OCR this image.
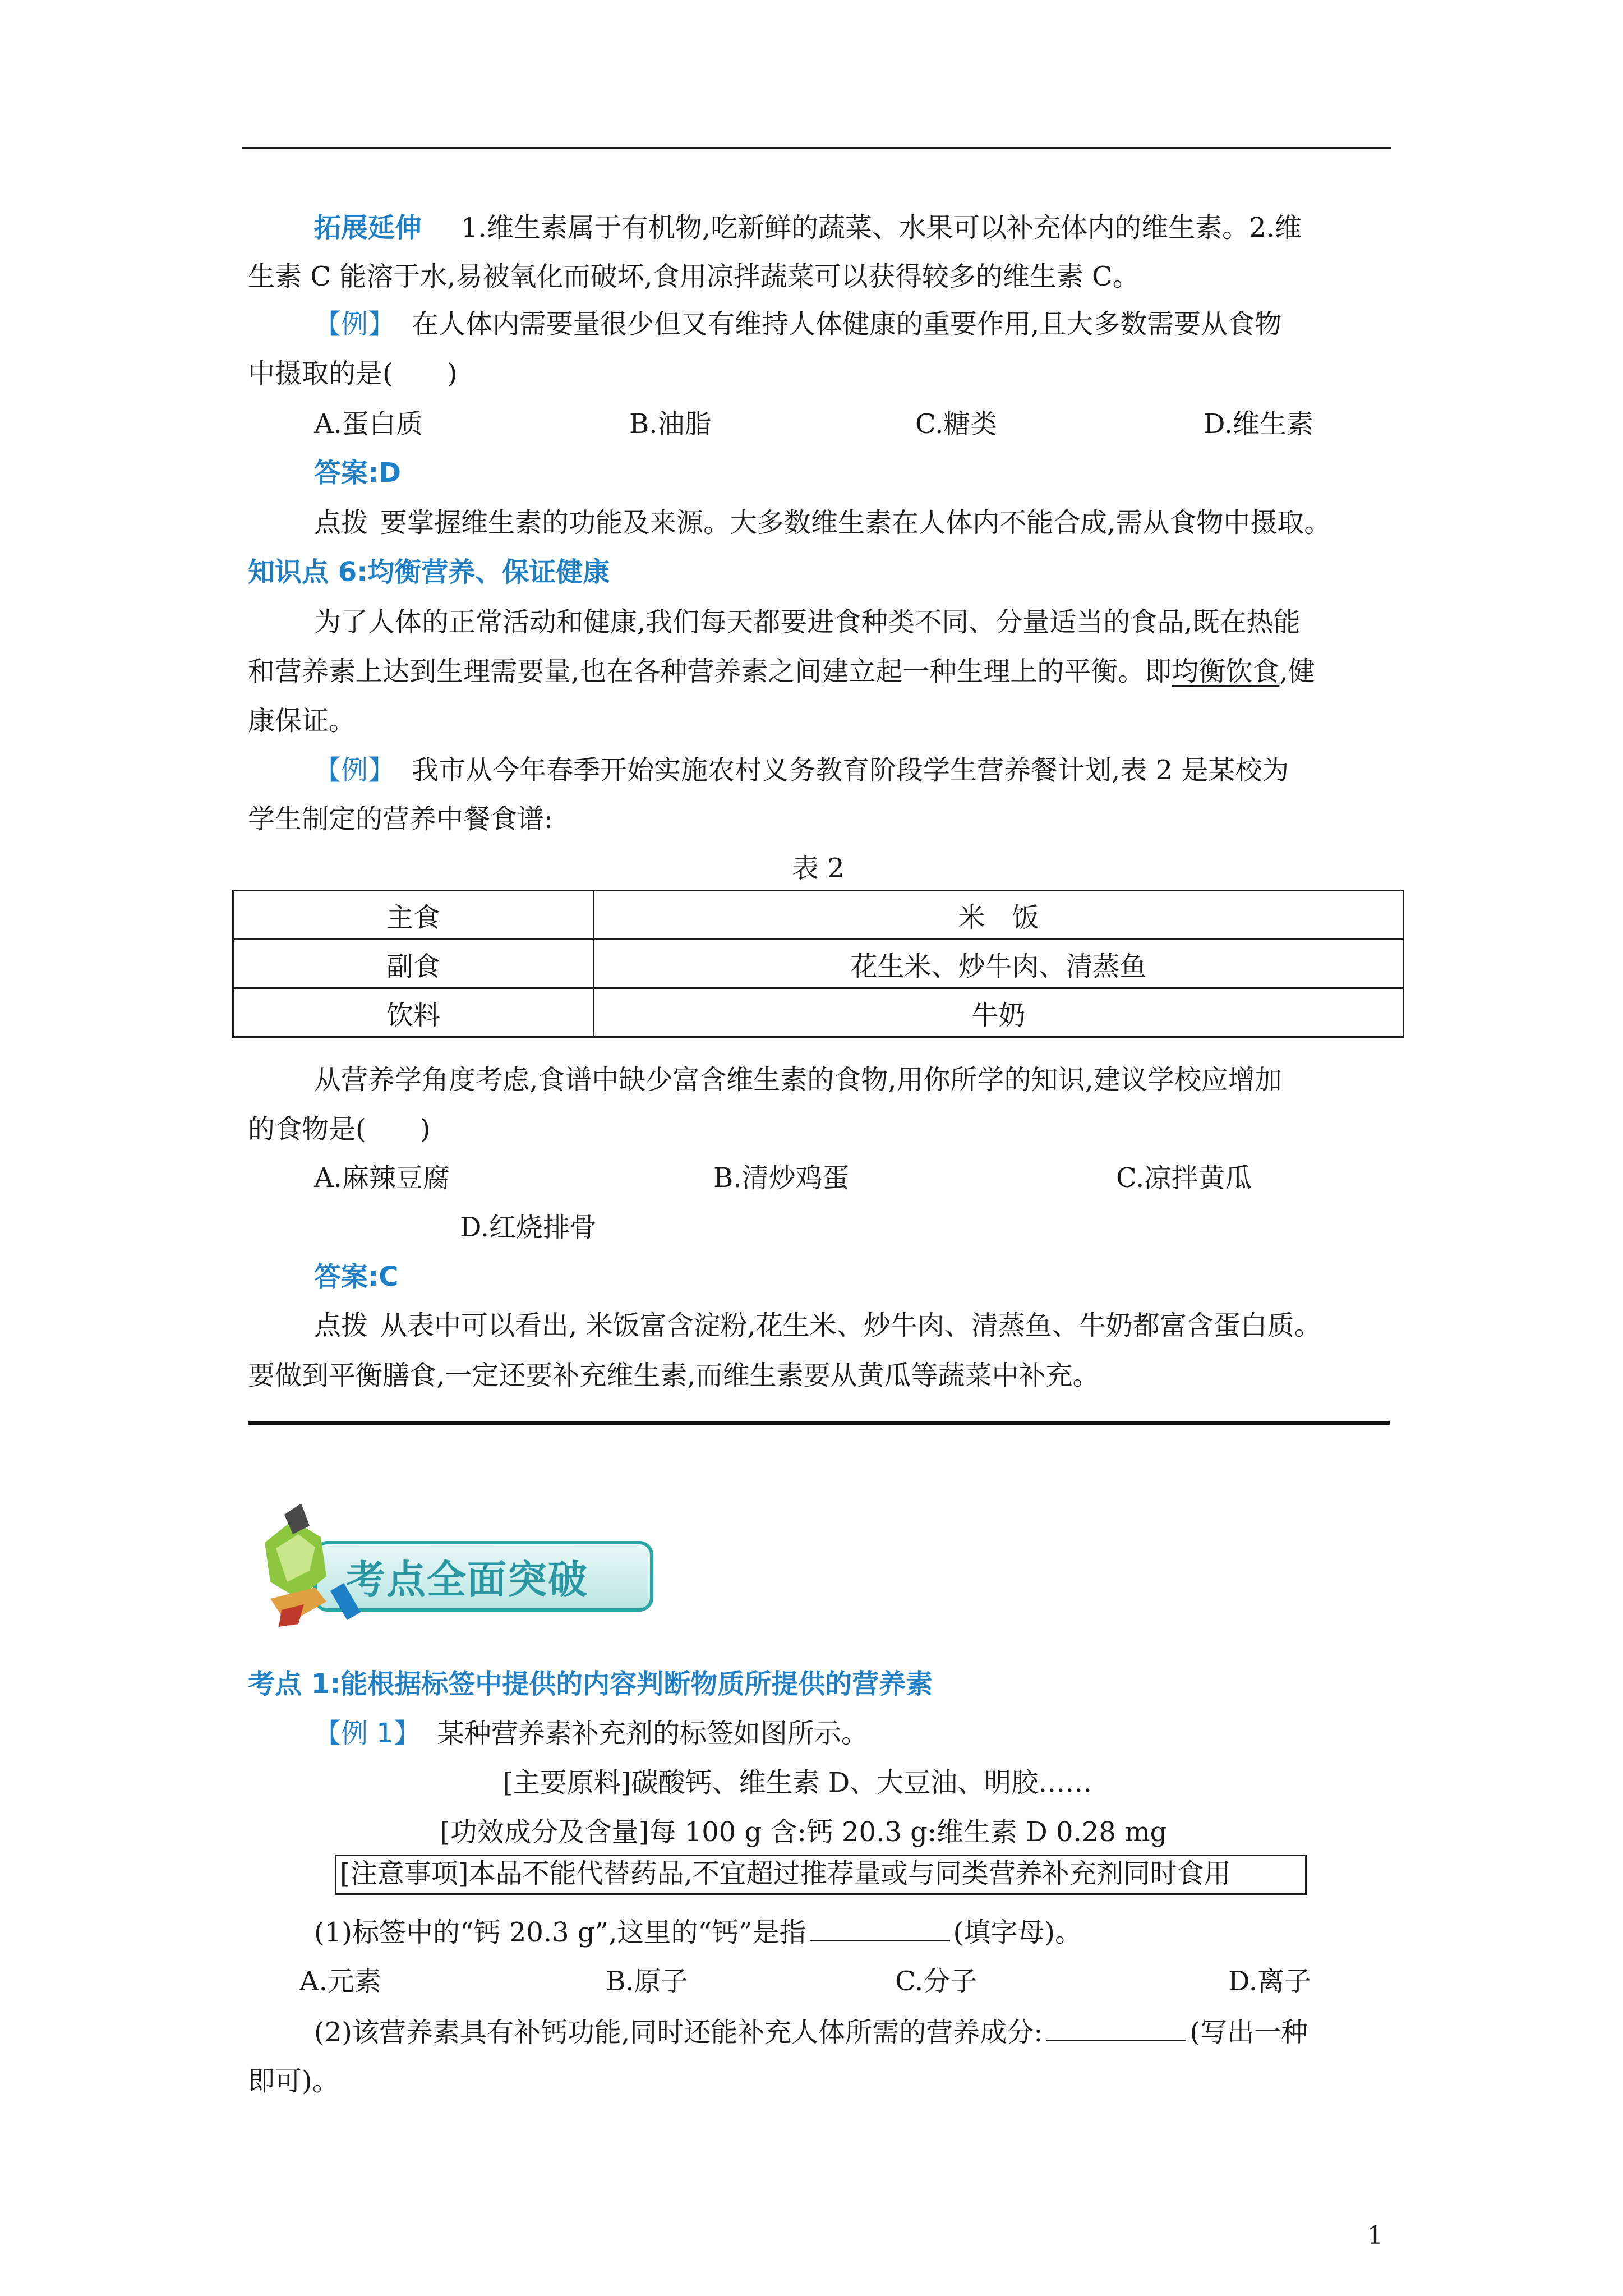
拓展延伸 1.维生素属于有机物,吃新鲜的蔬菜、水果可以补充体内的维生素。2.维
生素 C 能溶于水,易被氧化而破坏,食用凉拌蔬菜可以获得较多的维生素 C。
【例】 在人体内需要量很少但又有维持人体健康的重要作用,且大多数需要从食物
中摄取的是(　　)
A.蛋白质	B.油脂	C.糖类	D.维生素
答案:D
点拨 要掌握维生素的功能及来源。大多数维生素在人体内不能合成,需从食物中摄取。
知识点 6:均衡营养、保证健康
为了人体的正常活动和健康,我们每天都要进食种类不同、分量适当的食品,既在热能
和营养素上达到生理需要量,也在各种营养素之间建立起一种生理上的平衡。即均衡饮食,健
康保证。
【例】 我市从今年春季开始实施农村义务教育阶段学生营养餐计划,表 2 是某校为
学生制定的营养中餐食谱:
表 2
主食	米　饭
副食	花生米、炒牛肉、清蒸鱼
饮料	牛奶
从营养学角度考虑,食谱中缺少富含维生素的食物,用你所学的知识,建议学校应增加
的食物是(　　)
A.麻辣豆腐	B.清炒鸡蛋	C.凉拌黄瓜
D.红烧排骨
答案:C
点拨 从表中可以看出, 米饭富含淀粉,花生米、炒牛肉、清蒸鱼、牛奶都富含蛋白质。
要做到平衡膳食,一定还要补充维生素,而维生素要从黄瓜等蔬菜中补充。
考点全面突破
考点 1:能根据标签中提供的内容判断物质所提供的营养素
【例 1】 某种营养素补充剂的标签如图所示。
[主要原料]碳酸钙、维生素 D、大豆油、明胶……
[功效成分及含量]每 100 g 含:钙 20.3 g:维生素 D 0.28 mg
[注意事项]本品不能代替药品,不宜超过推荐量或与同类营养补充剂同时食用
(1)标签中的“钙 20.3 g”,这里的“钙”是指	(填字母)。
A.元素	B.原子	C.分子	D.离子
(2)该营养素具有补钙功能,同时还能补充人体所需的营养成分:	(写出一种
即可)。
1
